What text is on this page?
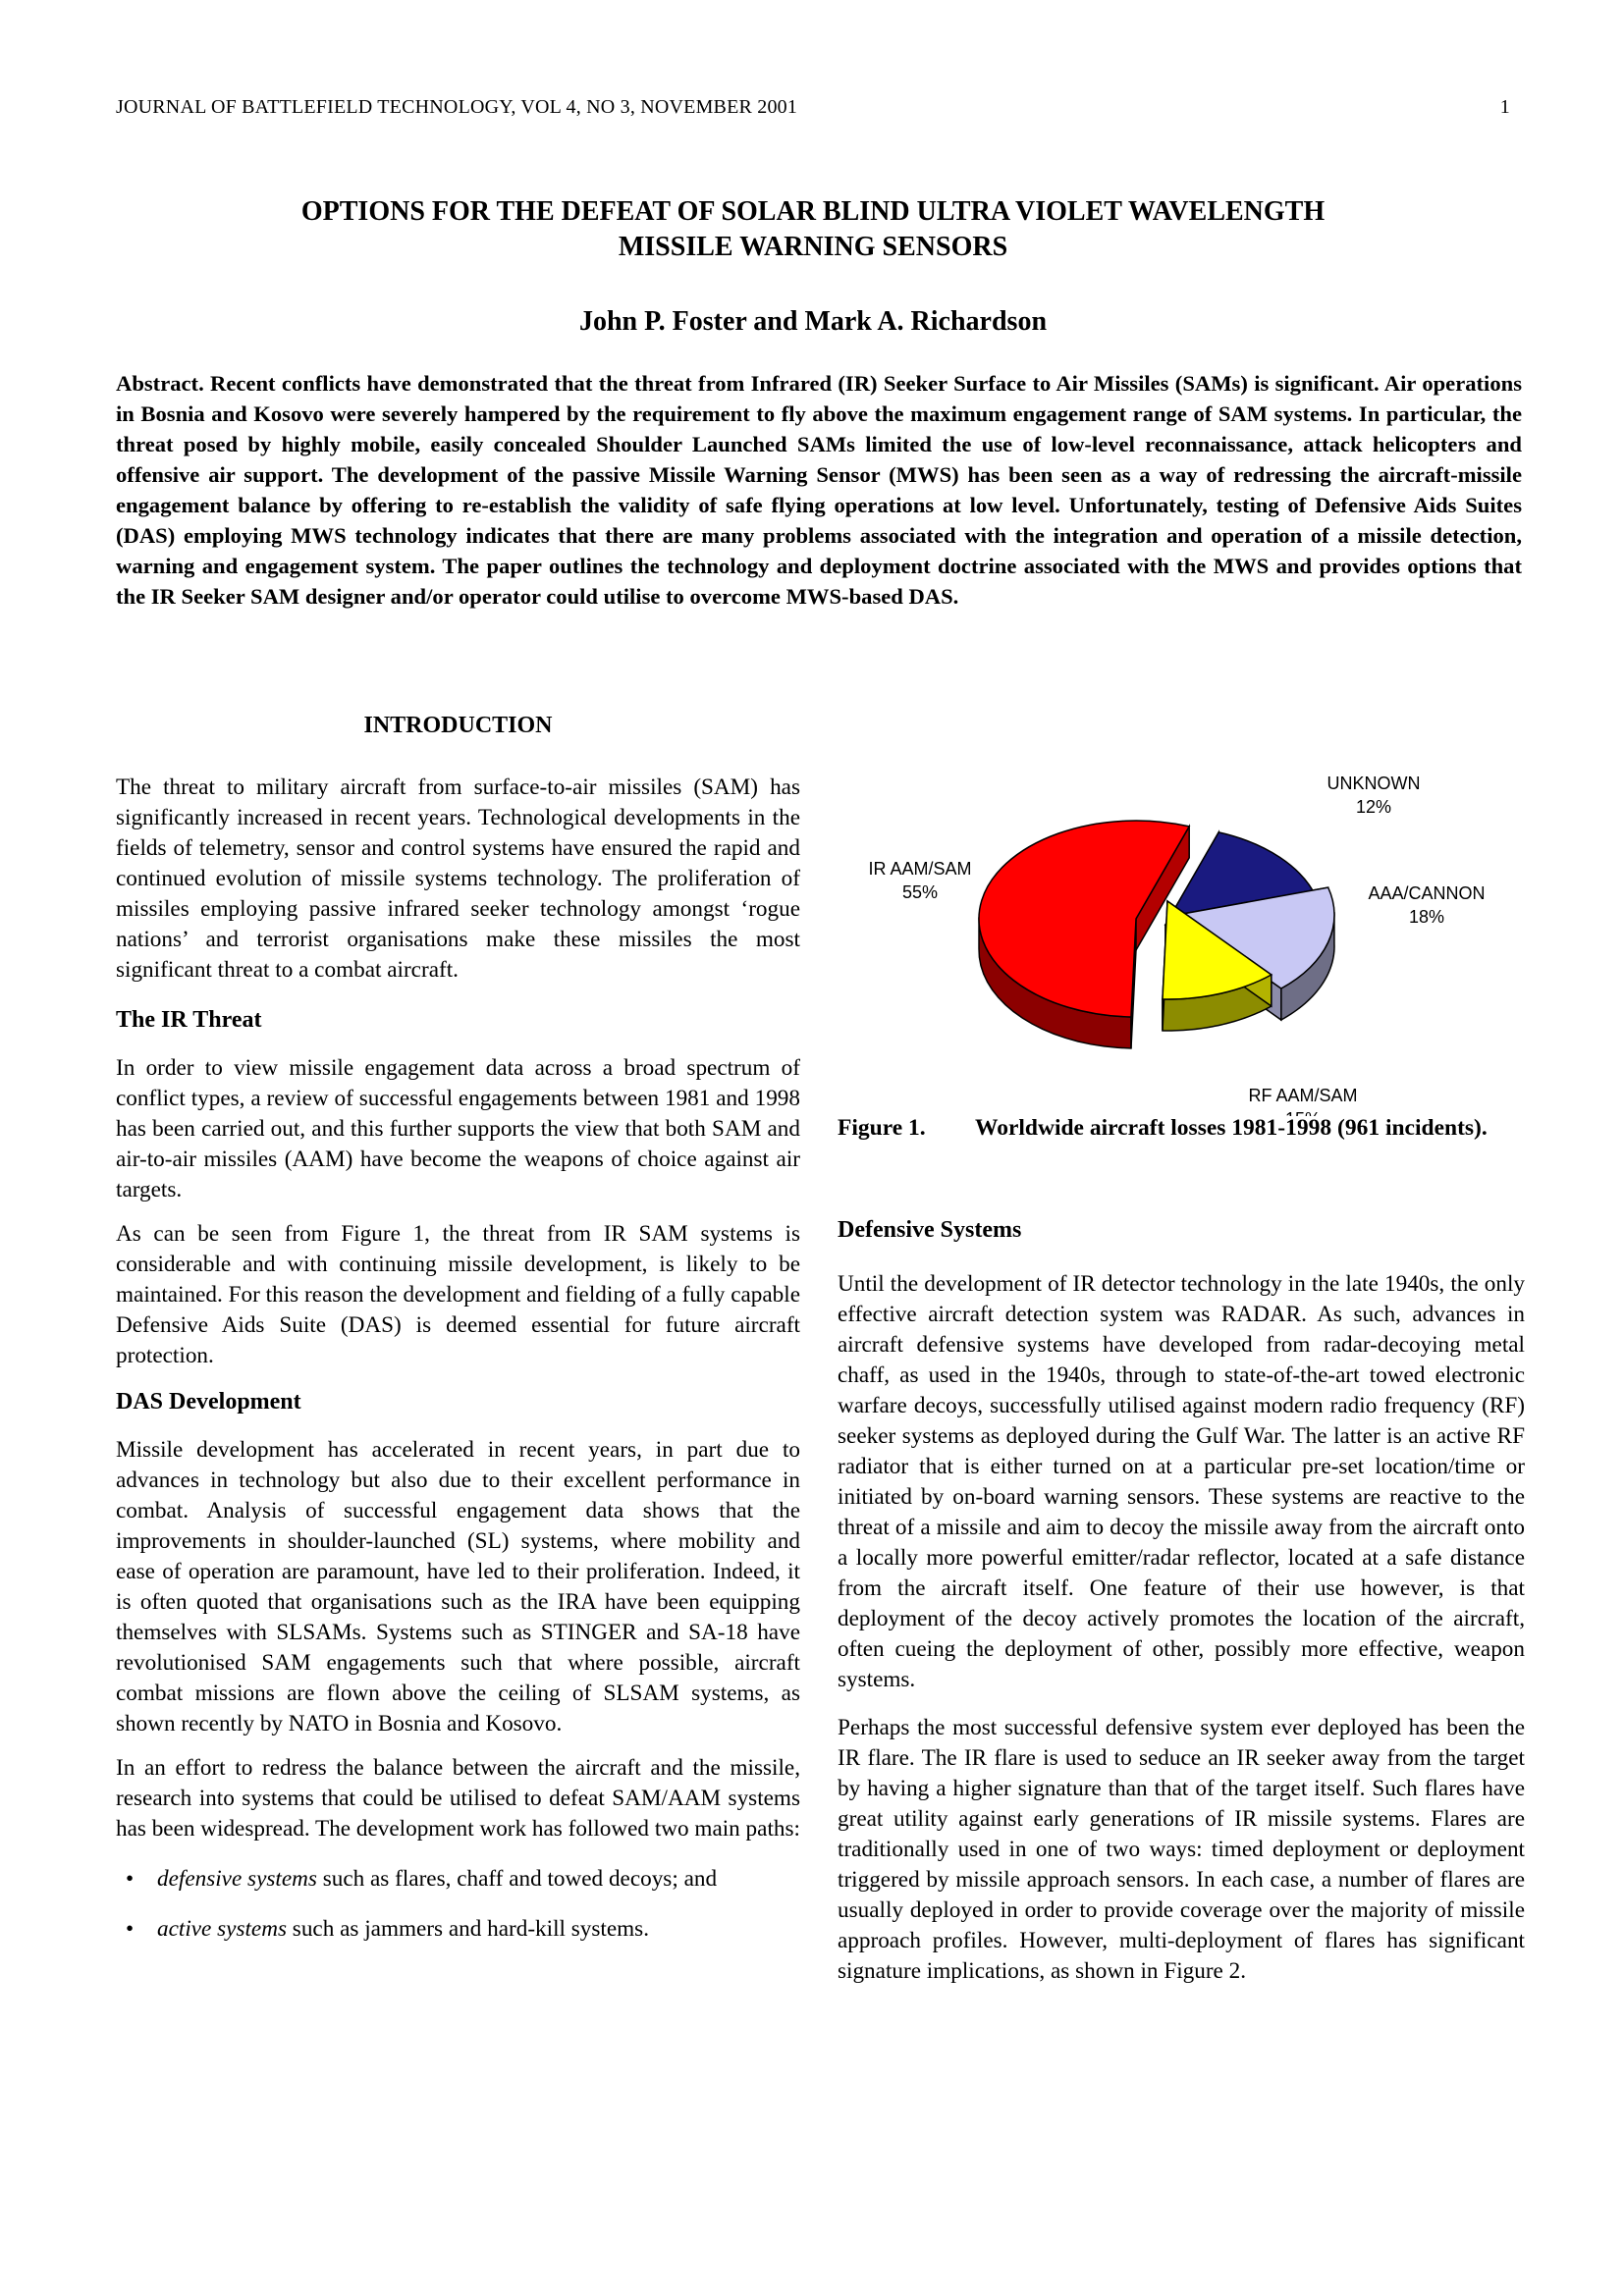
JOURNAL OF BATTLEFIELD TECHNOLOGY, VOL 4, NO 3, NOVEMBER 2001	1
OPTIONS FOR THE DEFEAT OF SOLAR BLIND ULTRA VIOLET WAVELENGTH
MISSILE WARNING SENSORS
John P. Foster and Mark A. Richardson
Abstract. Recent conflicts have demonstrated that the threat from Infrared (IR) Seeker Surface to Air Missiles (SAMs) is significant. Air operations in Bosnia and Kosovo were severely hampered by the requirement to fly above the maximum engagement range of SAM systems. In particular, the threat posed by highly mobile, easily concealed Shoulder Launched SAMs limited the use of low-level reconnaissance, attack helicopters and offensive air support. The development of the passive Missile Warning Sensor (MWS) has been seen as a way of redressing the aircraft-missile engagement balance by offering to re-establish the validity of safe flying operations at low level. Unfortunately, testing of Defensive Aids Suites (DAS) employing MWS technology indicates that there are many problems associated with the integration and operation of a missile detection, warning and engagement system. The paper outlines the technology and deployment doctrine associated with the MWS and provides options that the IR Seeker SAM designer and/or operator could utilise to overcome MWS-based DAS.
INTRODUCTION

The threat to military aircraft from surface-to-air missiles (SAM) has significantly increased in recent years. Technological developments in the fields of telemetry, sensor and control systems have ensured the rapid and continued evolution of missile systems technology. The proliferation of missiles employing passive infrared seeker technology amongst ‘rogue nations’ and terrorist organisations make these missiles the most significant threat to a combat aircraft.

The IR Threat

In order to view missile engagement data across a broad spectrum of conflict types, a review of successful engagements between 1981 and 1998 has been carried out, and this further supports the view that both SAM and air-to-air missiles (AAM) have become the weapons of choice against air targets.

As can be seen from Figure 1, the threat from IR SAM systems is considerable and with continuing missile development, is likely to be maintained. For this reason the development and fielding of a fully capable Defensive Aids Suite (DAS) is deemed essential for future aircraft protection.

DAS Development

Missile development has accelerated in recent years, in part due to advances in technology but also due to their excellent performance in combat. Analysis of successful engagement data shows that the improvements in shoulder-launched (SL) systems, where mobility and ease of operation are paramount, have led to their proliferation. Indeed, it is often quoted that organisations such as the IRA have been equipping themselves with SLSAMs. Systems such as STINGER and SA-18 have revolutionised SAM engagements such that where possible, aircraft combat missions are flown above the ceiling of SLSAM systems, as shown recently by NATO in Bosnia and Kosovo.

In an effort to redress the balance between the aircraft and the missile, research into systems that could be utilised to defeat SAM/AAM systems has been widespread. The development work has followed two main paths:

• defensive systems such as flares, chaff and towed decoys; and
• active systems such as jammers and hard-kill systems.
IR AAM/SAM
55%
RF AAM/SAM
AAA/CANNON
18%
UNKNOWN
12%
Figure 1. Worldwide aircraft losses 1981-1998 (961 incidents).
Defensive Systems

Until the development of IR detector technology in the late 1940s, the only effective aircraft detection system was RADAR. As such, advances in aircraft defensive systems have developed from radar-decoying metal chaff, as used in the 1940s, through to state-of-the-art towed electronic warfare decoys, successfully utilised against modern radio frequency (RF) seeker systems as deployed during the Gulf War. The latter is an active RF radiator that is either turned on at a particular pre-set location/time or initiated by on-board warning sensors. These systems are reactive to the threat of a missile and aim to decoy the missile away from the aircraft onto a locally more powerful emitter/radar reflector, located at a safe distance from the aircraft itself. One feature of their use however, is that deployment of the decoy actively promotes the location of the aircraft, often cueing the deployment of other, possibly more effective, weapon systems.

Perhaps the most successful defensive system ever deployed has been the IR flare. The IR flare is used to seduce an IR seeker away from the target by having a higher signature than that of the target itself. Such flares have great utility against early generations of IR missile systems. Flares are traditionally used in one of two ways: timed deployment or deployment triggered by missile approach sensors. In each case, a number of flares are usually deployed in order to provide coverage over the majority of missile approach profiles. However, multi-deployment of flares has significant signature implications, as shown in Figure 2.
